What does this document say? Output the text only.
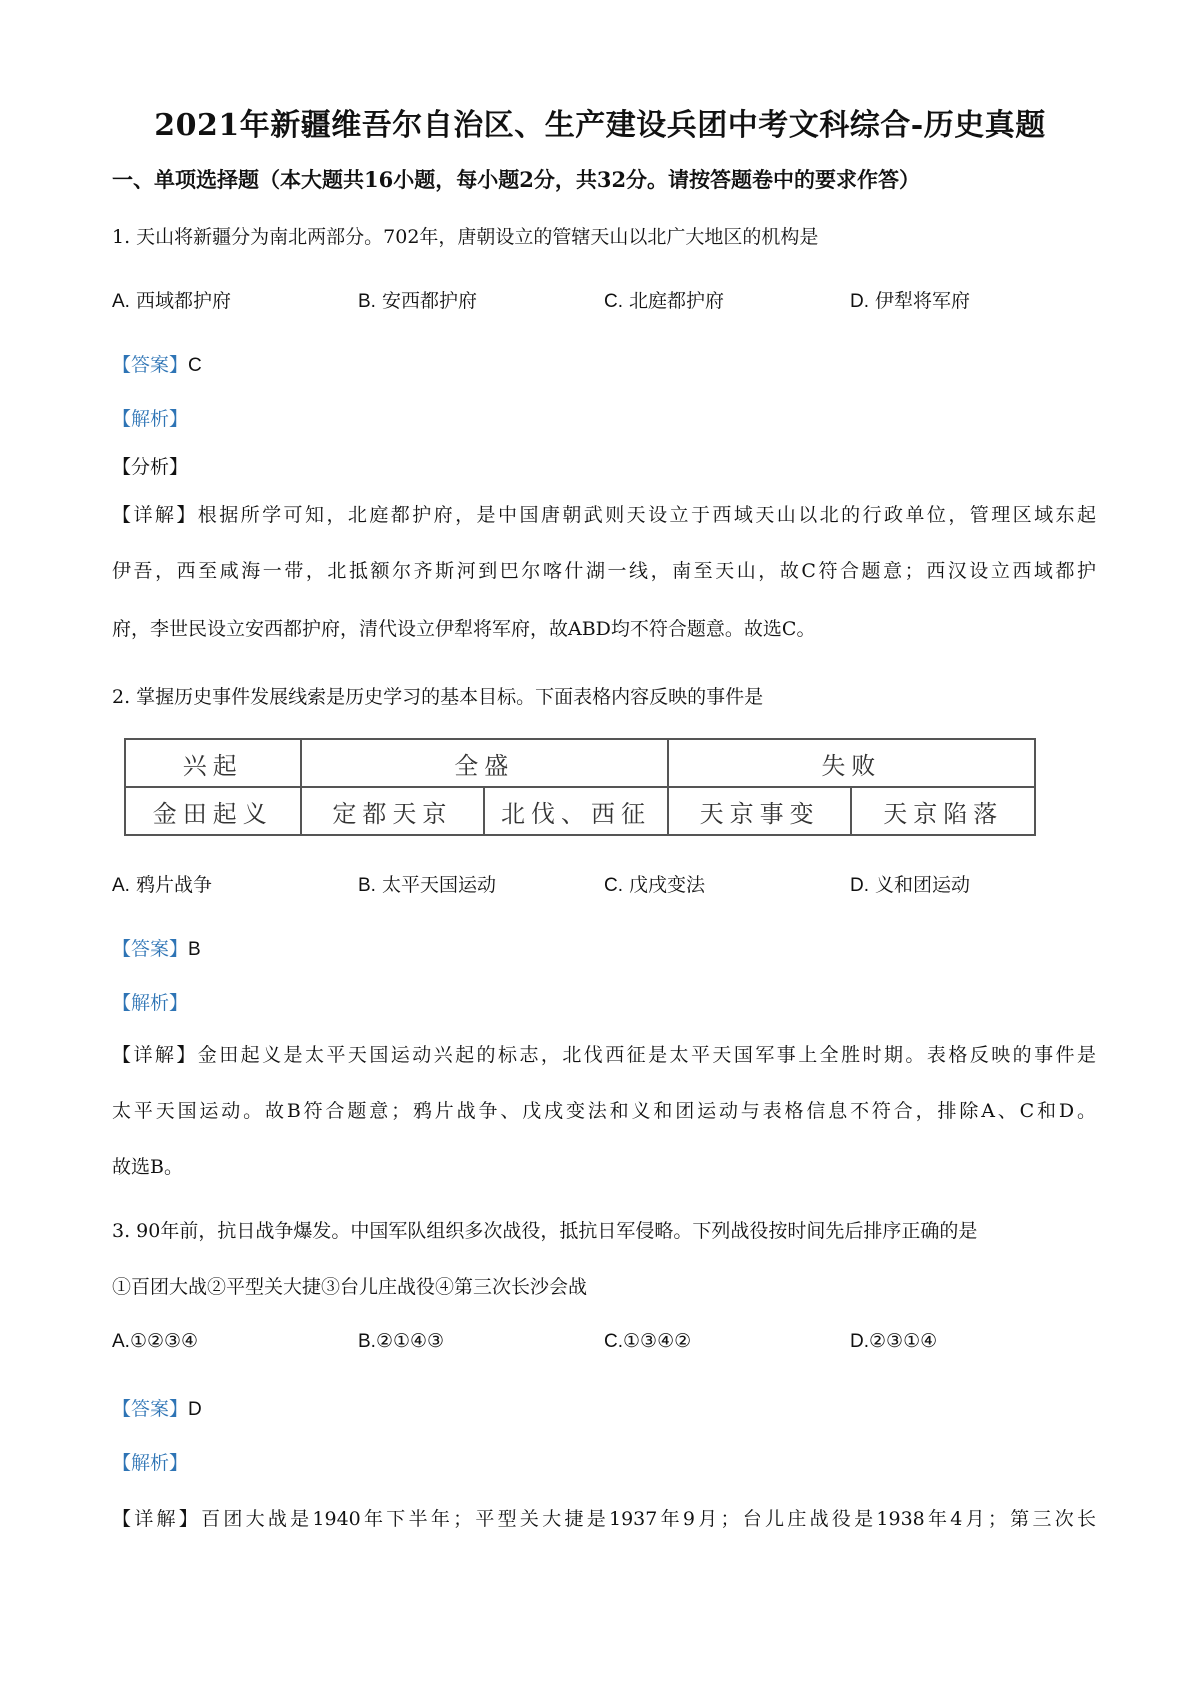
2021年新疆维吾尔自治区、生产建设兵团中考文科综合-历史真题
一、单项选择题（本大题共16小题，每小题2分，共32分。请按答题卷中的要求作答）
1. 天山将新疆分为南北两部分。702年，唐朝设立的管辖天山以北广大地区的机构是
A. 西域都护府	B. 安西都护府	C. 北庭都护府	D. 伊犁将军府
【答案】C
【解析】
【分析】
【详解】根据所学可知，北庭都护府，是中国唐朝武则天设立于西域天山以北的行政单位，管理区域东起
伊吾，西至咸海一带，北抵额尔齐斯河到巴尔喀什湖一线，南至天山，故C符合题意；西汉设立西域都护
府，李世民设立安西都护府，清代设立伊犁将军府，故ABD均不符合题意。故选C。
2. 掌握历史事件发展线索是历史学习的基本目标。下面表格内容反映的事件是
兴起	全盛		失败	
金田起义	定都天京	北伐、西征	天京事变	天京陷落
A. 鸦片战争	B. 太平天国运动	C. 戊戌变法	D. 义和团运动
【答案】B
【解析】
【详解】金田起义是太平天国运动兴起的标志，北伐西征是太平天国军事上全胜时期。表格反映的事件是
太平天国运动。故B符合题意；鸦片战争、戊戌变法和义和团运动与表格信息不符合，排除A、C和D。
故选B。
3. 90年前，抗日战争爆发。中国军队组织多次战役，抵抗日军侵略。下列战役按时间先后排序正确的是
①百团大战②平型关大捷③台儿庄战役④第三次长沙会战
A.①②③④	B.②①④③	C.①③④②	D.②③①④
【答案】D
【解析】
【详解】百团大战是1940年下半年；平型关大捷是1937年9月；台儿庄战役是1938年4月；第三次长
